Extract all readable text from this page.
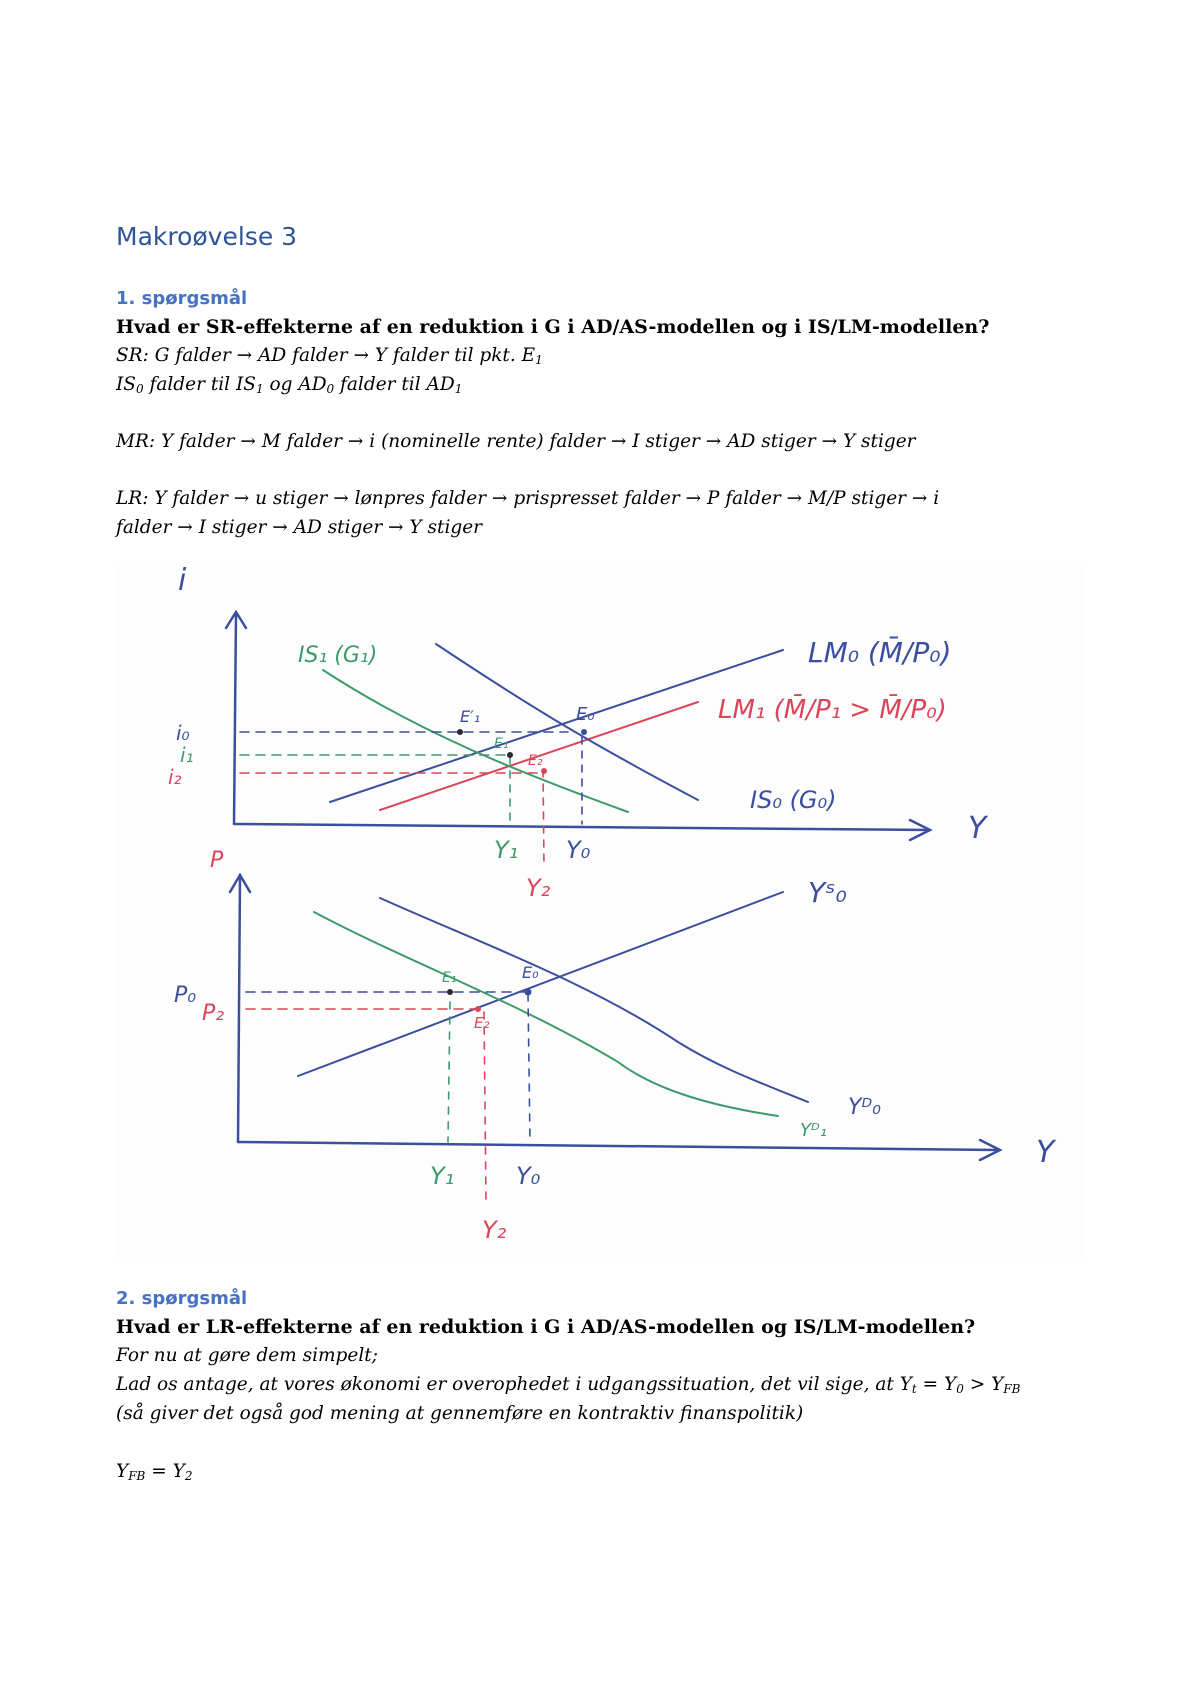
Makroøvelse 3
1. spørgsmål
Hvad er SR-effekterne af en reduktion i G i AD/AS-modellen og i IS/LM-modellen?
SR: G falder → AD falder → Y falder til pkt. $E_1$
$IS_0$ falder til $IS_1$ og $AD_0$ falder til $AD_1$
MR: Y falder → M falder → i (nominelle rente) falder → I stiger → AD stiger → Y stiger
LR: Y falder → u stiger → lønpres falder → prispresset falder → P falder → M/P stiger → i
falder → I stiger → AD stiger → Y stiger
i
Y
LM₀ (M̄/P₀)
LM₁ (M̄/P₁ > M̄/P₀)
IS₁ (G₁)
IS₀ (G₀)
E₀
E′₁
E₁
E₂
i₀
i₁
i₂
Y₁ Y₀
Y₂
P
Y
Yˢ₀
Yᴰ₀
Yᴰ₁
E₀
E₁
E₂
P₀
P₂
Y₁	Y₀
Y₂
2. spørgsmål
Hvad er LR-effekterne af en reduktion i G i AD/AS-modellen og IS/LM-modellen?
For nu at gøre dem simpelt;
Lad os antage, at vores økonomi er overophedet i udgangssituation, det vil sige, at $Y_t = Y_0 > Y_{FB}$
(så giver det også god mening at gennemføre en kontraktiv finanspolitik)
$Y_{FB} = Y_2$
